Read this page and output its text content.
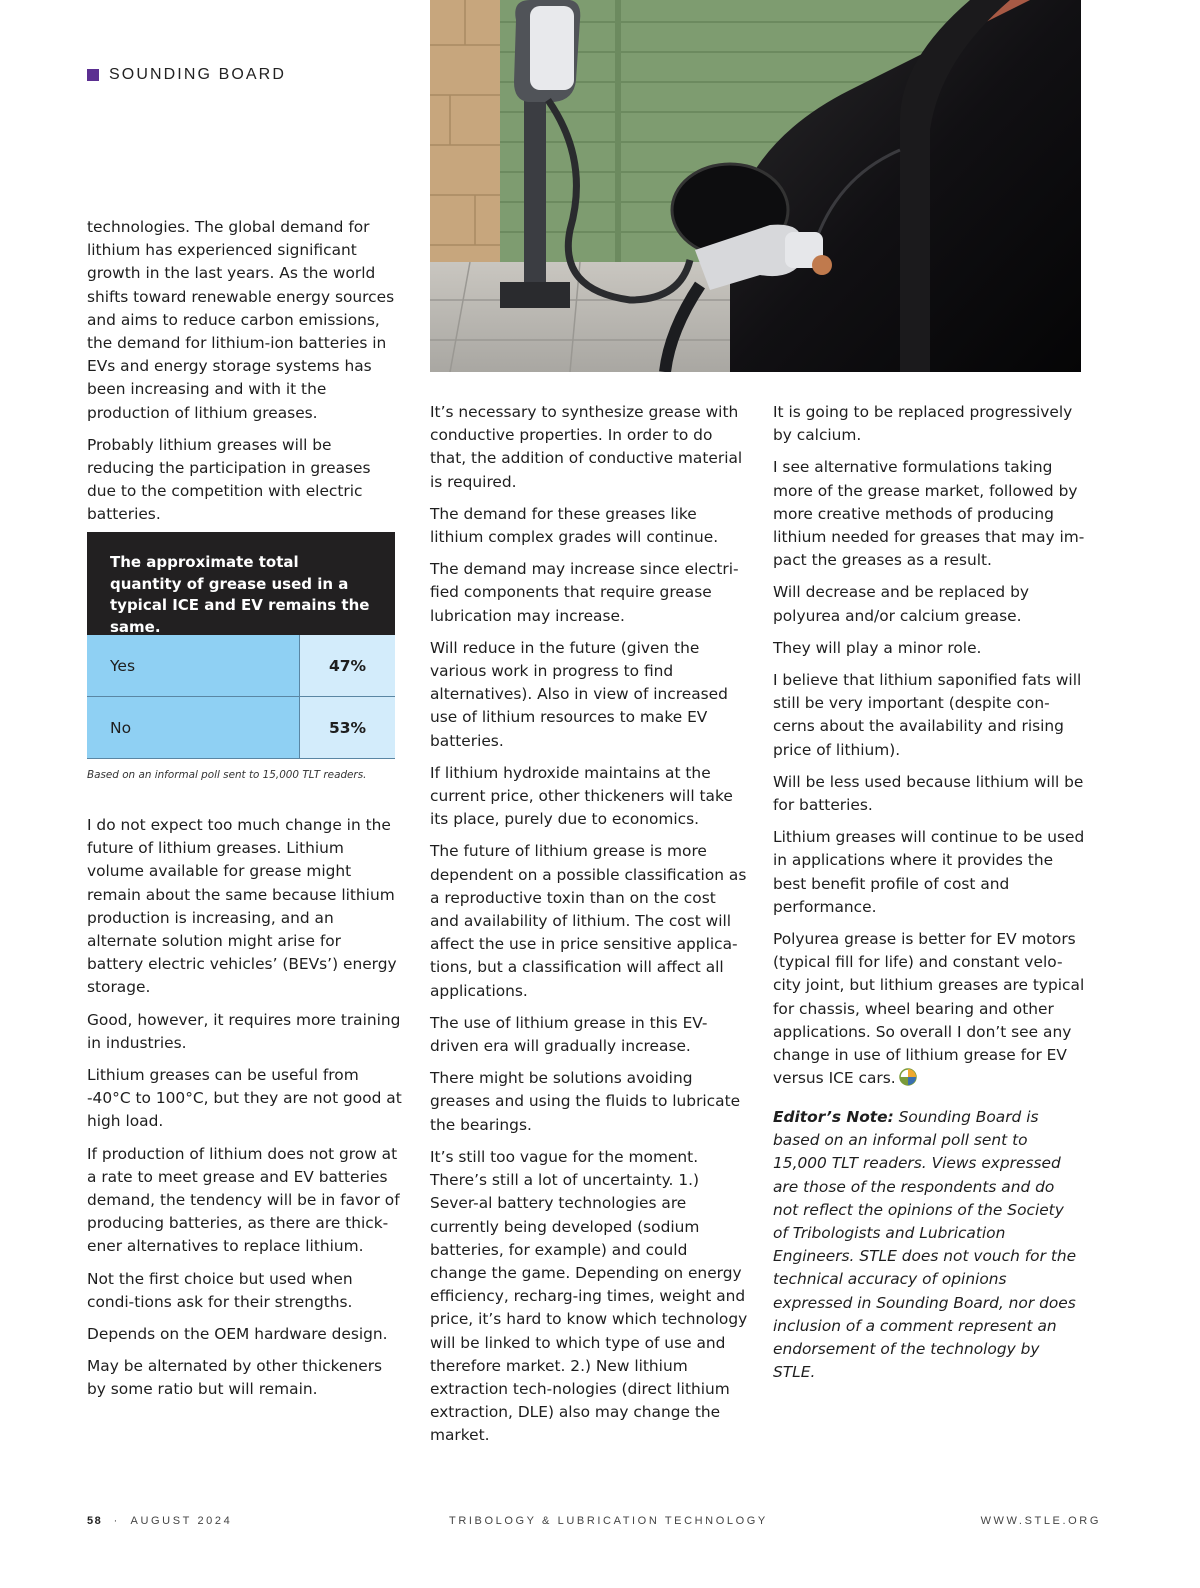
SOUNDING BOARD

technologies. The global demand for lithium has experienced significant growth in the last years. As the world shifts toward renewable energy sources and aims to reduce carbon emissions, the demand for lithium-ion batteries in EVs and energy storage systems has been increasing and with it the production of lithium greases.

Probably lithium greases will be reducing the participation in greases due to the competition with electric batteries.

The approximate total quantity of grease used in a typical ICE and EV remains the same.
Yes	47%
No	53%
Based on an informal poll sent to 15,000 TLT readers.

I do not expect too much change in the future of lithium greases. Lithium volume available for grease might remain about the same because lithium production is increasing, and an alternate solution might arise for battery electric vehicles’ (BEVs’) energy storage.

Good, however, it requires more training in industries.

Lithium greases can be useful from -40°C to 100°C, but they are not good at high load.

If production of lithium does not grow at a rate to meet grease and EV batteries demand, the tendency will be in favor of producing batteries, as there are thick-ener alternatives to replace lithium.

Not the first choice but used when condi-tions ask for their strengths.

Depends on the OEM hardware design.

May be alternated by other thickeners by some ratio but will remain.

It’s necessary to synthesize grease with conductive properties. In order to do that, the addition of conductive material is required.

The demand for these greases like lithium complex grades will continue.

The demand may increase since electri-fied components that require grease lubrication may increase.

Will reduce in the future (given the various work in progress to find alternatives). Also in view of increased use of lithium resources to make EV batteries.

If lithium hydroxide maintains at the current price, other thickeners will take its place, purely due to economics.

The future of lithium grease is more dependent on a possible classification as a reproductive toxin than on the cost and availability of lithium. The cost will affect the use in price sensitive applica-tions, but a classification will affect all applications.

The use of lithium grease in this EV-driven era will gradually increase.

There might be solutions avoiding greases and using the fluids to lubricate the bearings.

It’s still too vague for the moment. There’s still a lot of uncertainty. 1.) Sever-al battery technologies are currently being developed (sodium batteries, for example) and could change the game. Depending on energy efficiency, recharg-ing times, weight and price, it’s hard to know which technology will be linked to which type of use and therefore market. 2.) New lithium extraction tech-nologies (direct lithium extraction, DLE) also may change the market.

It is going to be replaced progressively by calcium.

I see alternative formulations taking more of the grease market, followed by more creative methods of producing lithium needed for greases that may im-pact the greases as a result.

Will decrease and be replaced by polyurea and/or calcium grease.

They will play a minor role.

I believe that lithium saponified fats will still be very important (despite con-cerns about the availability and rising price of lithium).

Will be less used because lithium will be for batteries.

Lithium greases will continue to be used in applications where it provides the best benefit profile of cost and performance.

Polyurea grease is better for EV motors (typical fill for life) and constant velo-city joint, but lithium greases are typical for chassis, wheel bearing and other applications. So overall I don’t see any change in use of lithium grease for EV versus ICE cars.

Editor’s Note: Sounding Board is based on an informal poll sent to 15,000 TLT readers. Views expressed are those of the respondents and do not reflect the opinions of the Society of Tribologists and Lubrication Engineers. STLE does not vouch for the technical accuracy of opinions expressed in Sounding Board, nor does inclusion of a comment represent an endorsement of the technology by STLE.
58 · AUGUST 2024	TRIBOLOGY & LUBRICATION TECHNOLOGY	WWW.STLE.ORG
